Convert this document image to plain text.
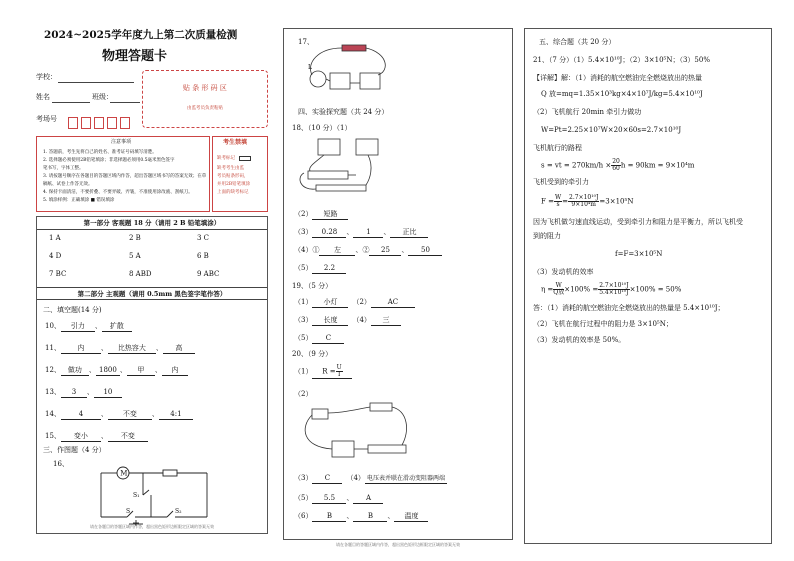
2024~2025学年度九上第二次质量检测
物理答题卡
学校：
姓名	班级：
考场号
贴 条 形 码 区
由监考员负责粘贴
注意事项
1. 答题前，考生先将自己的姓名、准考证号码填写清楚。
2. 选择题必须使用2B铅笔填涂；非选择题必须用0.5毫米黑色签字
笔书写，字体工整。
3. 请按题号顺序在各题目的答题区域内作答，超出答题区域书写的答案无效；在草
稿纸、试卷上作答无效。
4. 保持卡面清洁，不要折叠、不要弄破、弄皱，不准使用涂改液、刮纸刀。
5. 填涂样例：正确填涂 ■ 错误填涂
考生禁填
缺考标记
缺考考生由监
考员贴条形码，
并用2B铅笔填涂
上面的缺考标记
第一部分 客观题 18 分（请用 2 B 铅笔填涂）
1 A	2 B	3 C
4 D	5 A	6 B
7 BC	8 ABD	9 ABC
第二部分 主观题（请用 0.5mm 黑色签字笔作答）
二、填空题(14 分)
10、 引力 、 扩散
11、 内 、 比热容大 、 高
12、 做功 、 1800 、 甲 、 内
13、 3 、 10
14、	4	、 不变 、 4:1
15、 变小 、 不变
三、作图题（4 分）
16、
M
S₁
S	S₂
请在各题目的答题区域内作答，超出黑色矩形边框限定区域的答案无效
17、
L
四、实验探究题（共 24 分）
18、（10 分）（1）
（2） 短路
（3） 0.28 、 1 、 正比
（4）① 左 、② 25 、 50
（5） 2.2
19、（5 分）
（1） 小灯 （2） AC
（3） 长度 （4） 三
（5） C
20、（9 分）
（1） $R = \frac{U}{I}$
（2）
（3） C （4） 电压表并联在滑动变阻器两端
（5） 5.5 、 A
（6） B 、 B 、 温度
请在各题目的答题区域内作答，超出黑色矩形边框限定区域的答案无效
五、综合题（共 20 分）
21、（7 分）（1）5.4×10¹⁰J；（2）3×10⁵N；（3）50%
【详解】解：（1）消耗的航空燃油完全燃烧放出的热量
Q 放=mq=1.35×10³kg×4×10⁷J/kg=5.4×10¹⁰J
（2）飞机航行 20min 牵引力做功
W=Pt=2.25×10⁷W×20×60s=2.7×10¹⁰J
飞机航行的路程
s = vt = $270km/h \times \frac{20}{60}$ h = 90km = 9×10⁴m
飞机受到的牵引力
$F = \frac{W}{s} = \frac{\text{2.7×10¹⁰J}}{\text{9×10⁴m}} =3\times 10^5N$
因为飞机做匀速直线运动，受到牵引力和阻力是平衡力，所以飞机受
到的阻力
f=F=3×10⁵N
（3）发动机的效率
$\eta = \frac{W}{\text{Q放}} \times 100\% = \frac{\text{2.7×10¹⁰J}}{\text{5.4×10¹⁰J}} \times 100\% = 50\%$
答：（1）消耗的航空燃油完全燃烧放出的热量是 5.4×10¹⁰J；
（2）飞机在航行过程中的阻力是 3×10⁵N；
（3）发动机的效率是 50%。
